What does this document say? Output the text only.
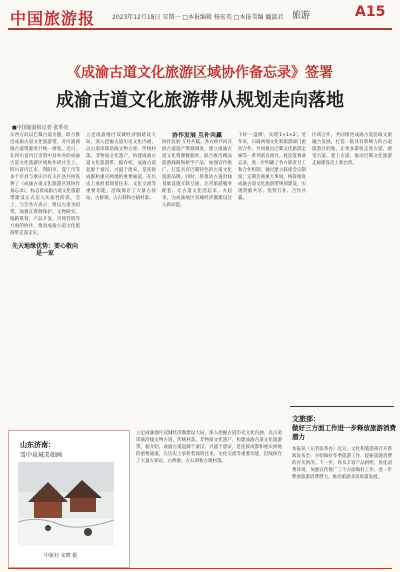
中国旅游报	2023年12月18日 星期一 □本报编辑 杨宏英 □本报美编 巍淑君 旅游	A15
《成渝古道文化旅游区域协作备忘录》签署
成渝古道文化旅游带从规划走向落地
■中国旅游报记者 张革亮
东西方向以巴蜀古道为题，联合推出成渝古道文化旅游带，对川渝两地古道资源进行统一规划。近日，在四川省内江市资中县举办的成渝古道文化旅游区域协作研讨会上，四川省内江市、资阳市、遂宁市等多个市县与重庆市有关区县共同签署了《成渝古道文化旅游区域协作备忘录》，标志着成渝古道文化旅游带建设正式迈入实质性阶段。会上，与会各方表示，将以古道为纽带，加强在资源保护、文物研究、线路策划、产品开发、市场营销等方面的协作，推动成渝古道文化旅游带走深走实。
先天地缘优势：要心敬向是一家
立足成渝地区双城经济圈建设大局，深入挖掘古道历史文化内涵，以古道串联沿线文物古迹、传统村落、非物质文化遗产，构建成渝古道文化旅游带。据介绍，成渝古道起源于秦汉，兴盛于唐宋，是连接成都和重庆两地的重要通道，在历史上承担着商贸往来、文化交流等重要功能，沿线保存了大量古驿站、古桥梁、古石刻和古镇村落。
协作发展 互补共赢
协作发展 互补共赢。各方将共同开展古道遗产资源调查，建立成渝古道文化资源数据库，联合推出精品旅游线路和研学产品，加强宣传推广，打造具有巴蜀特色的古道文化旅游品牌。同时，将推动古道沿线基础设施互联互通，完善旅游服务配套，让古道文化活起来、火起来，为成渝地区双城经济圈建设注入新动能。
下好'一盘棋'，实现'1+1>2'。近年来，川渝两地文化和旅游部门密切合作，共同推出巴蜀文化旅游走廊等一系列重点项目。此次签署备忘录，进一步明确了各方职责分工和合作机制，通过建立联席会议制度，定期会商重大事项，统筹推进成渝古道文化旅游带规划建设，实现资源共享、优势互补、合作共赢。
区域合作，共同推进成渝古道沿线文旅融合发展，打造一批具有影响力的古道旅游目的地，让更多游客走进古道、感受古道、爱上古道，推动巴蜀文化旅游走廊建设迈上新台阶。
立足成渝地区双城经济圈建设大局，深入挖掘古道历史文化内涵，以古道串联沿线文物古迹、传统村落、非物质文化遗产，构建成渝古道文化旅游带。据介绍，成渝古道起源于秦汉，兴盛于唐宋，是连接成都和重庆两地的重要通道，在历史上承担着商贸往来、文化交流等重要功能，沿线保存了大量古驿站、古桥梁、古石刻和古镇村落。
山东济南：
雪中泉城美如画
中新社 宋晓 摄
文旅部：
做好三方面工作进一步释放旅游消费潜力
本报讯（记者张革亮）近日，文化和旅游部召开新闻发布会，介绍做好冬季旅游工作、提振旅游消费的有关情况。下一步，将从丰富产品供给、优化消费环境、加强宣传推广三个方面做好工作，进一步释放旅游消费潜力，推动旅游业高质量发展。
